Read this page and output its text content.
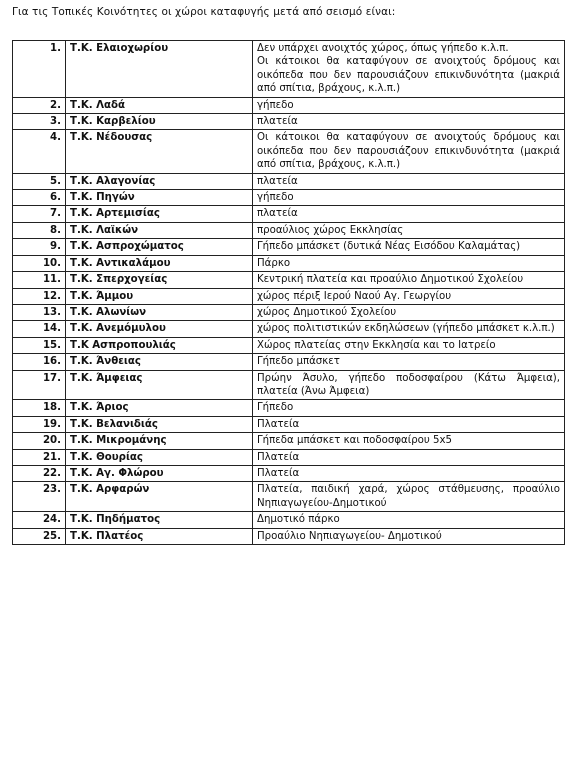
Για τις Τοπικές Κοινότητες οι χώροι καταφυγής μετά από σεισμό είναι:
1.	Τ.Κ. Ελαιοχωρίου	Δεν υπάρχει ανοιχτός χώρος, όπως γήπεδο κ.λ.π.
Οι κάτοικοι θα καταφύγουν σε ανοιχτούς δρόμους και οικόπεδα που δεν παρουσιάζουν επικινδυνότητα (μακριά από σπίτια, βράχους, κ.λ.π.)
2.	Τ.Κ. Λαδά	γήπεδο
3.	Τ.Κ. Καρβελίου	πλατεία
4.	Τ.Κ. Νέδουσας	Οι κάτοικοι θα καταφύγουν σε ανοιχτούς δρόμους και οικόπεδα που δεν παρουσιάζουν επικινδυνότητα (μακριά από σπίτια, βράχους, κ.λ.π.)
5.	Τ.Κ. Αλαγονίας	πλατεία
6.	Τ.Κ. Πηγών	γήπεδο
7.	Τ.Κ. Αρτεμισίας	πλατεία
8.	Τ.Κ. Λαϊκών	προαύλιος χώρος Εκκλησίας
9.	Τ.Κ. Ασπροχώματος	Γήπεδο μπάσκετ (δυτικά Νέας Εισόδου Καλαμάτας)
10.	Τ.Κ. Αντικαλάμου	Πάρκο
11.	Τ.Κ. Σπερχογείας	Κεντρική πλατεία και προαύλιο Δημοτικού Σχολείου
12.	Τ.Κ. Άμμου	χώρος πέριξ Ιερού Ναού Αγ. Γεωργίου
13.	Τ.Κ. Αλωνίων	χώρος Δημοτικού Σχολείου
14.	Τ.Κ. Ανεμόμυλου	χώρος πολιτιστικών εκδηλώσεων (γήπεδο μπάσκετ κ.λ.π.)
15.	Τ.Κ Ασπροπουλιάς	Χώρος πλατείας στην Εκκλησία και το Ιατρείο
16.	Τ.Κ. Άνθειας	Γήπεδο μπάσκετ
17.	Τ.Κ. Άμφειας	Πρώην Άσυλο, γήπεδο ποδοσφαίρου (Κάτω Άμφεια), πλατεία (Άνω Άμφεια)
18.	Τ.Κ. Άριος	Γήπεδο
19.	Τ.Κ. Βελανιδιάς	Πλατεία
20.	Τ.Κ. Μικρομάνης	Γήπεδα μπάσκετ και ποδοσφαίρου 5x5
21.	Τ.Κ. Θουρίας	Πλατεία
22.	Τ.Κ. Αγ. Φλώρου	Πλατεία
23.	Τ.Κ. Αρφαρών	Πλατεία, παιδική χαρά, χώρος στάθμευσης, προαύλιο Νηπιαγωγείου-Δημοτικού
24.	Τ.Κ. Πηδήματος	Δημοτικό πάρκο
25.	Τ.Κ. Πλατέος	Προαύλιο Νηπιαγωγείου- Δημοτικού
